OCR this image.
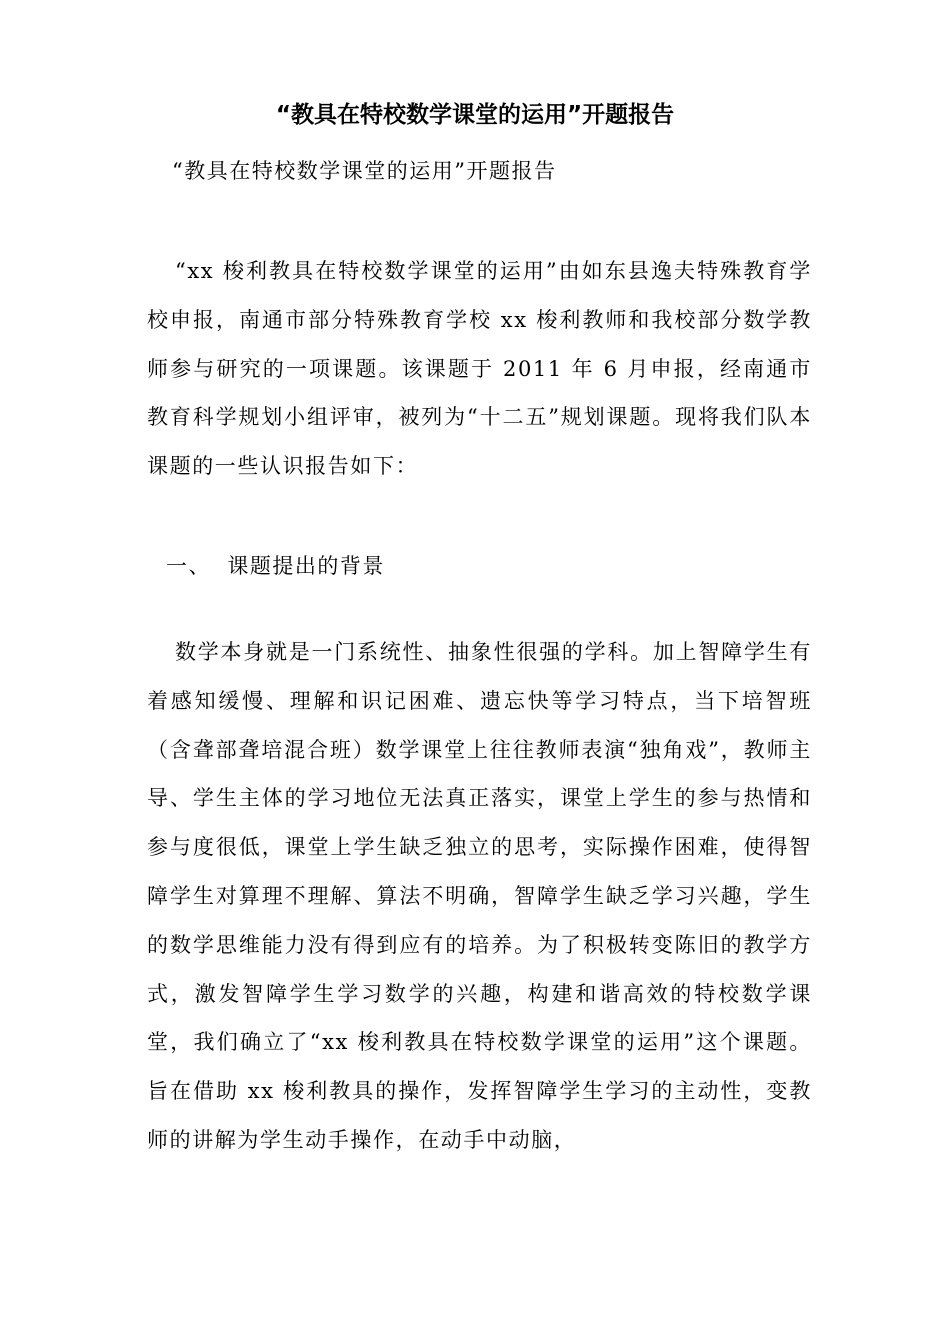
“教具在特校数学课堂的运用”开题报告
“教具在特校数学课堂的运用”开题报告

“xx 梭利教具在特校数学课堂的运用”由如东县逸夫特殊教育学校申报，南通市部分特殊教育学校 xx 梭利教师和我校部分数学教师参与研究的一项课题。该课题于 2011 年 6 月申报，经南通市教育科学规划小组评审，被列为“十二五”规划课题。现将我们队本课题的一些认识报告如下：

一、  课题提出的背景

数学本身就是一门系统性、抽象性很强的学科。加上智障学生有着感知缓慢、理解和识记困难、遗忘快等学习特点，当下培智班（含聋部聋培混合班）数学课堂上往往教师表演“独角戏”，教师主导、学生主体的学习地位无法真正落实，课堂上学生的参与热情和参与度很低，课堂上学生缺乏独立的思考，实际操作困难，使得智障学生对算理不理解、算法不明确，智障学生缺乏学习兴趣，学生的数学思维能力没有得到应有的培养。为了积极转变陈旧的教学方式，激发智障学生学习数学的兴趣，构建和谐高效的特校数学课堂，我们确立了“xx 梭利教具在特校数学课堂的运用”这个课题。旨在借助 xx 梭利教具的操作，发挥智障学生学习的主动性，变教师的讲解为学生动手操作，在动手中动脑，
